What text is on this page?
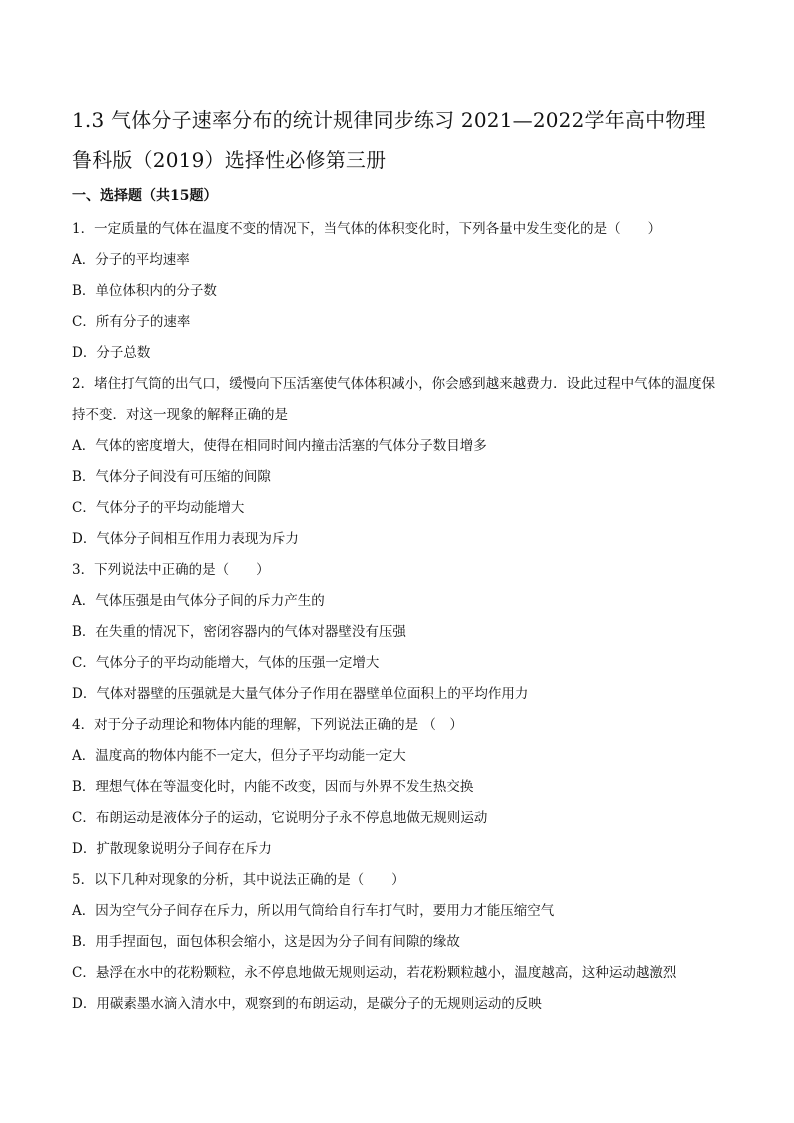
1.3 气体分子速率分布的统计规律同步练习 2021—2022学年高中物理
鲁科版（2019）选择性必修第三册
一、选择题（共15题）
1．一定质量的气体在温度不变的情况下，当气体的体积变化时，下列各量中发生变化的是（　　）
A．分子的平均速率
B．单位体积内的分子数
C．所有分子的速率
D．分子总数
2．堵住打气筒的出气口，缓慢向下压活塞使气体体积减小，你会感到越来越费力．设此过程中气体的温度保持不变．对这一现象的解释正确的是
A．气体的密度增大，使得在相同时间内撞击活塞的气体分子数目增多
B．气体分子间没有可压缩的间隙
C．气体分子的平均动能增大
D．气体分子间相互作用力表现为斥力
3．下列说法中正确的是（　　）
A．气体压强是由气体分子间的斥力产生的
B．在失重的情况下，密闭容器内的气体对器壁没有压强
C．气体分子的平均动能增大，气体的压强一定增大
D．气体对器壁的压强就是大量气体分子作用在器壁单位面积上的平均作用力
4．对于分子动理论和物体内能的理解，下列说法正确的是 （　）
A．温度高的物体内能不一定大，但分子平均动能一定大
B．理想气体在等温变化时，内能不改变，因而与外界不发生热交换
C．布朗运动是液体分子的运动，它说明分子永不停息地做无规则运动
D．扩散现象说明分子间存在斥力
5．以下几种对现象的分析，其中说法正确的是（　　）
A．因为空气分子间存在斥力，所以用气筒给自行车打气时，要用力才能压缩空气
B．用手捏面包，面包体积会缩小，这是因为分子间有间隙的缘故
C．悬浮在水中的花粉颗粒，永不停息地做无规则运动，若花粉颗粒越小，温度越高，这种运动越激烈
D．用碳素墨水滴入清水中，观察到的布朗运动，是碳分子的无规则运动的反映
